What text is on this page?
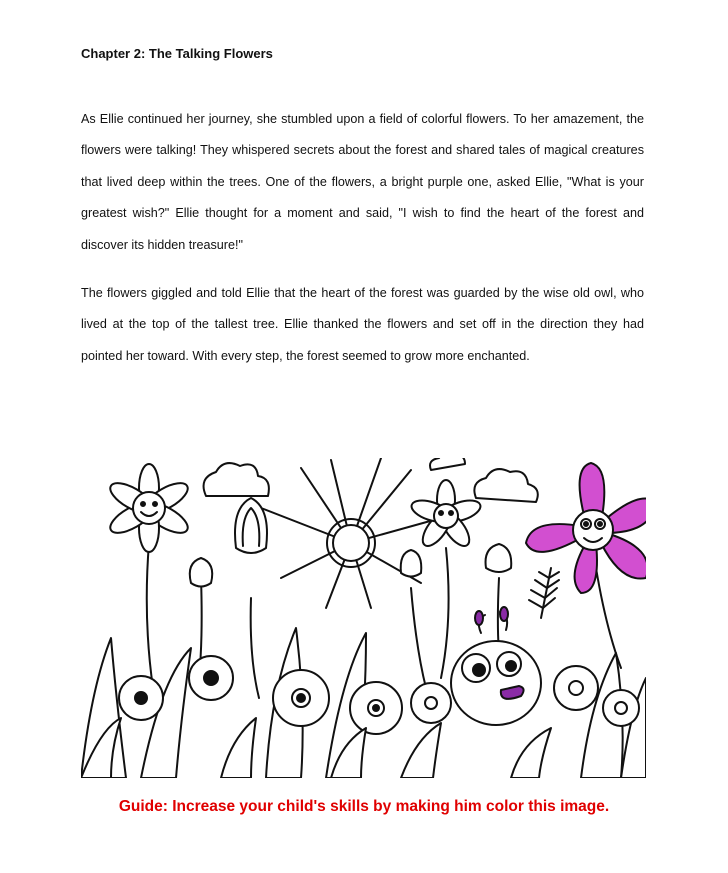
Chapter 2: The Talking Flowers

As Ellie continued her journey, she stumbled upon a field of colorful flowers. To her amazement, the flowers were talking! They whispered secrets about the forest and shared tales of magical creatures that lived deep within the trees. One of the flowers, a bright purple one, asked Ellie, "What is your greatest wish?" Ellie thought for a moment and said, "I wish to find the heart of the forest and discover its hidden treasure!"

The flowers giggled and told Ellie that the heart of the forest was guarded by the wise old owl, who lived at the top of the tallest tree. Ellie thanked the flowers and set off in the direction they had pointed her toward. With every step, the forest seemed to grow more enchanted.

Guide: Increase your child's skills by making him color this image.
